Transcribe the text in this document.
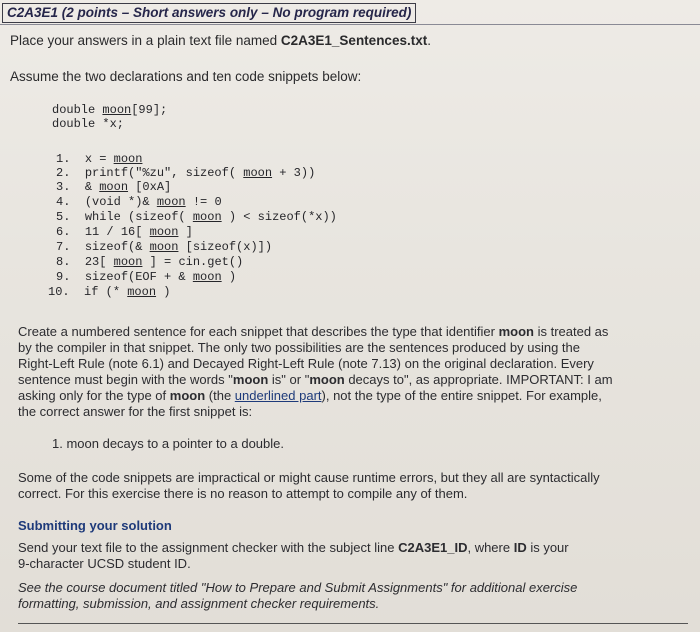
C2A3E1 (2 points – Short answers only – No program required)
Place your answers in a plain text file named C2A3E1_Sentences.txt.
Assume the two declarations and ten code snippets below:
double moon[99];
double *x;
1. x = moon
2. printf("%zu", sizeof( moon + 3))
3. & moon [0xA]
4. (void *)& moon != 0
5. while (sizeof( moon ) < sizeof(*x))
6. 11 / 16[ moon ]
7. sizeof(& moon [sizeof(x)])
8. 23[ moon ] = cin.get()
9. sizeof(EOF + & moon )
10. if (* moon )
Create a numbered sentence for each snippet that describes the type that identifier moon is treated as
by the compiler in that snippet. The only two possibilities are the sentences produced by using the
Right-Left Rule (note 6.1) and Decayed Right-Left Rule (note 7.13) on the original declaration. Every
sentence must begin with the words "moon is" or "moon decays to", as appropriate. IMPORTANT: I am
asking only for the type of moon (the underlined part), not the type of the entire snippet. For example,
the correct answer for the first snippet is:
1. moon decays to a pointer to a double.
Some of the code snippets are impractical or might cause runtime errors, but they all are syntactically
correct. For this exercise there is no reason to attempt to compile any of them.
Submitting your solution
Send your text file to the assignment checker with the subject line C2A3E1_ID, where ID is your
9-character UCSD student ID.
See the course document titled "How to Prepare and Submit Assignments" for additional exercise
formatting, submission, and assignment checker requirements.
